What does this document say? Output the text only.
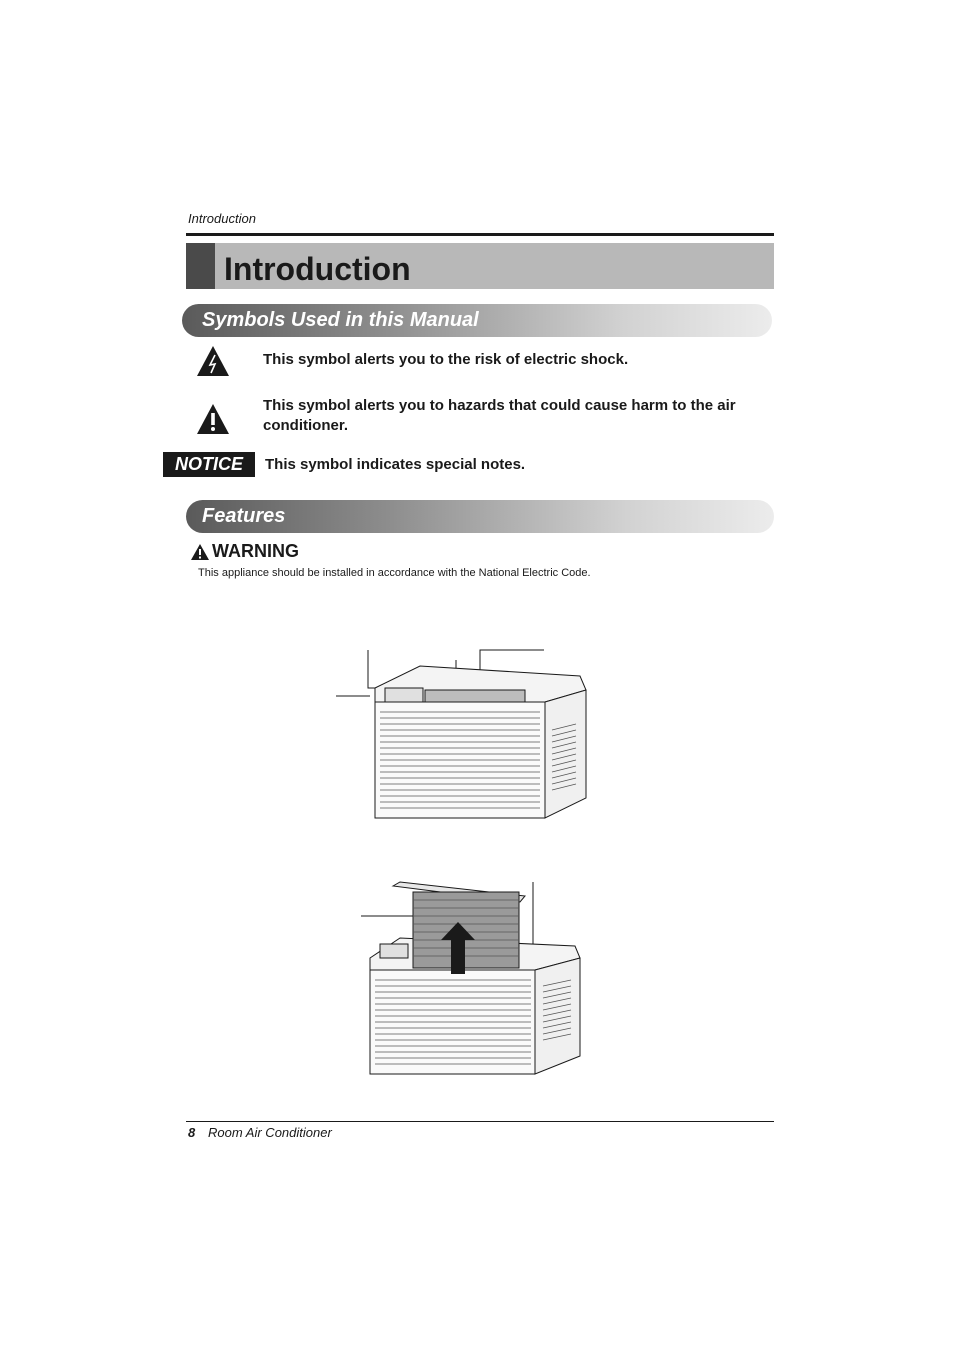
Introduction
Introduction
Symbols Used in this Manual
This symbol alerts you to the risk of electric shock.
This symbol alerts you to hazards that could cause harm to the air conditioner.
NOTICE	This symbol indicates special notes.
Features
WARNING
This appliance should be installed in accordance with the National Electric Code.
8 Room Air Conditioner
